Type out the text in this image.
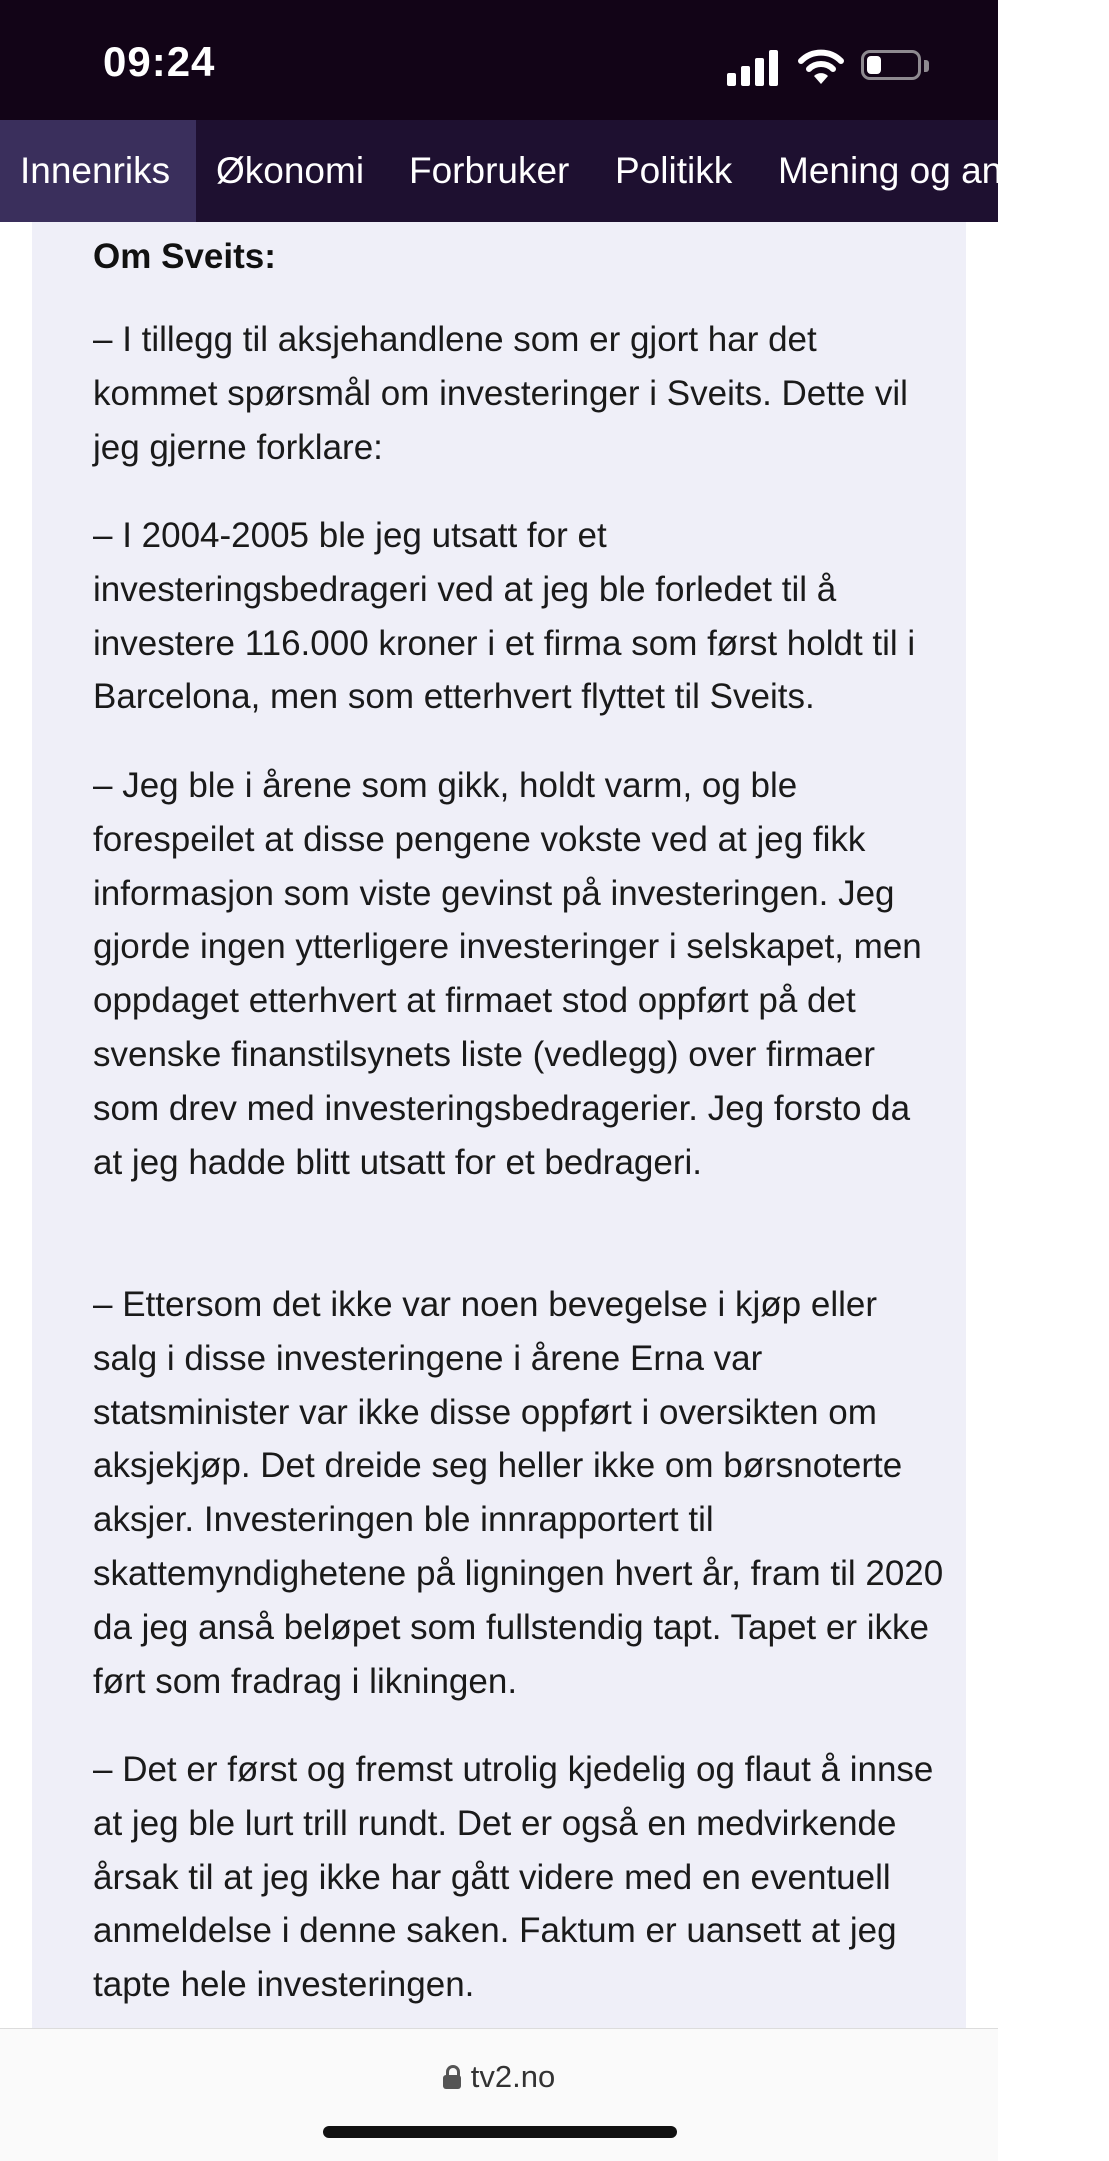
09:24
Innenriks	Økonomi	Forbruker	Politikk	Mening og analyse
Om Sveits:

– I tillegg til aksjehandlene som er gjort har det kommet spørsmål om investeringer i Sveits. Dette vil jeg gjerne forklare:

– I 2004-2005 ble jeg utsatt for et investeringsbedrageri ved at jeg ble forledet til å investere 116.000 kroner i et firma som først holdt til i Barcelona, men som etterhvert flyttet til Sveits.

– Jeg ble i årene som gikk, holdt varm, og ble forespeilet at disse pengene vokste ved at jeg fikk informasjon som viste gevinst på investeringen. Jeg gjorde ingen ytterligere investeringer i selskapet, men oppdaget etterhvert at firmaet stod oppført på det svenske finanstilsynets liste (vedlegg) over firmaer som drev med investeringsbedragerier. Jeg forsto da at jeg hadde blitt utsatt for et bedrageri.

– Ettersom det ikke var noen bevegelse i kjøp eller salg i disse investeringene i årene Erna var statsminister var ikke disse oppført i oversikten om aksjekjøp. Det dreide seg heller ikke om børsnoterte aksjer. Investeringen ble innrapportert til skattemyndighetene på ligningen hvert år, fram til 2020 da jeg anså beløpet som fullstendig tapt. Tapet er ikke ført som fradrag i likningen.

– Det er først og fremst utrolig kjedelig og flaut å innse at jeg ble lurt trill rundt. Det er også en medvirkende årsak til at jeg ikke har gått videre med en eventuell anmeldelse i denne saken. Faktum er uansett at jeg tapte hele investeringen.

tv2.no
